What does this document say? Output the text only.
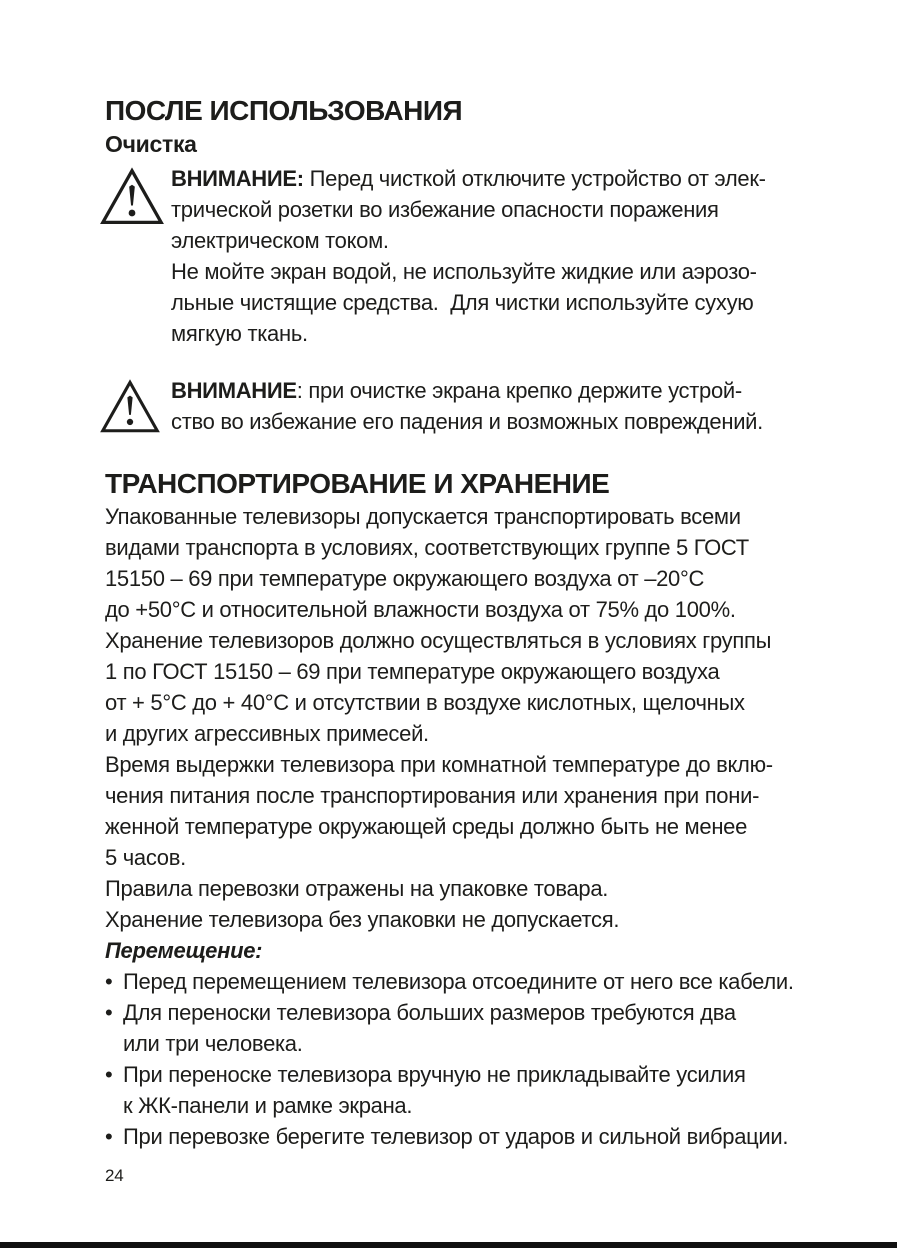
ПОСЛЕ ИСПОЛЬЗОВАНИЯ
Очистка
ВНИМАНИЕ: Перед чисткой отключите устройство от элек-
трической розетки во избежание опасности поражения
электрическом током.
Не мойте экран водой, не используйте жидкие или аэрозо-
льные чистящие средства.  Для чистки используйте сухую
мягкую ткань.
ВНИМАНИЕ: при очистке экрана крепко держите устрой-
ство во избежание его падения и возможных повреждений.
ТРАНСПОРТИРОВАНИЕ И ХРАНЕНИЕ
Упакованные телевизоры допускается транспортировать всеми
видами транспорта в условиях, соответствующих группе 5 ГОСТ
15150 – 69 при температуре окружающего воздуха от –20°С
до +50°С и относительной влажности воздуха от 75% до 100%.
Хранение телевизоров должно осуществляться в условиях группы
1 по ГОСТ 15150 – 69 при температуре окружающего воздуха
от + 5°С до + 40°С и отсутствии в воздухе кислотных, щелочных
и других агрессивных примесей.
Время выдержки телевизора при комнатной температуре до вклю-
чения питания после транспортирования или хранения при пони-
женной температуре окружающей среды должно быть не менее
5 часов.
Правила перевозки отражены на упаковке товара.
Хранение телевизора без упаковки не допускается.
Перемещение:
• Перед перемещением телевизора отсоедините от него все кабели.
• Для переноски телевизора больших размеров требуются два
или три человека.
• При переноске телевизора вручную не прикладывайте усилия
к ЖК-панели и рамке экрана.
• При перевозке берегите телевизор от ударов и сильной вибрации.
24
